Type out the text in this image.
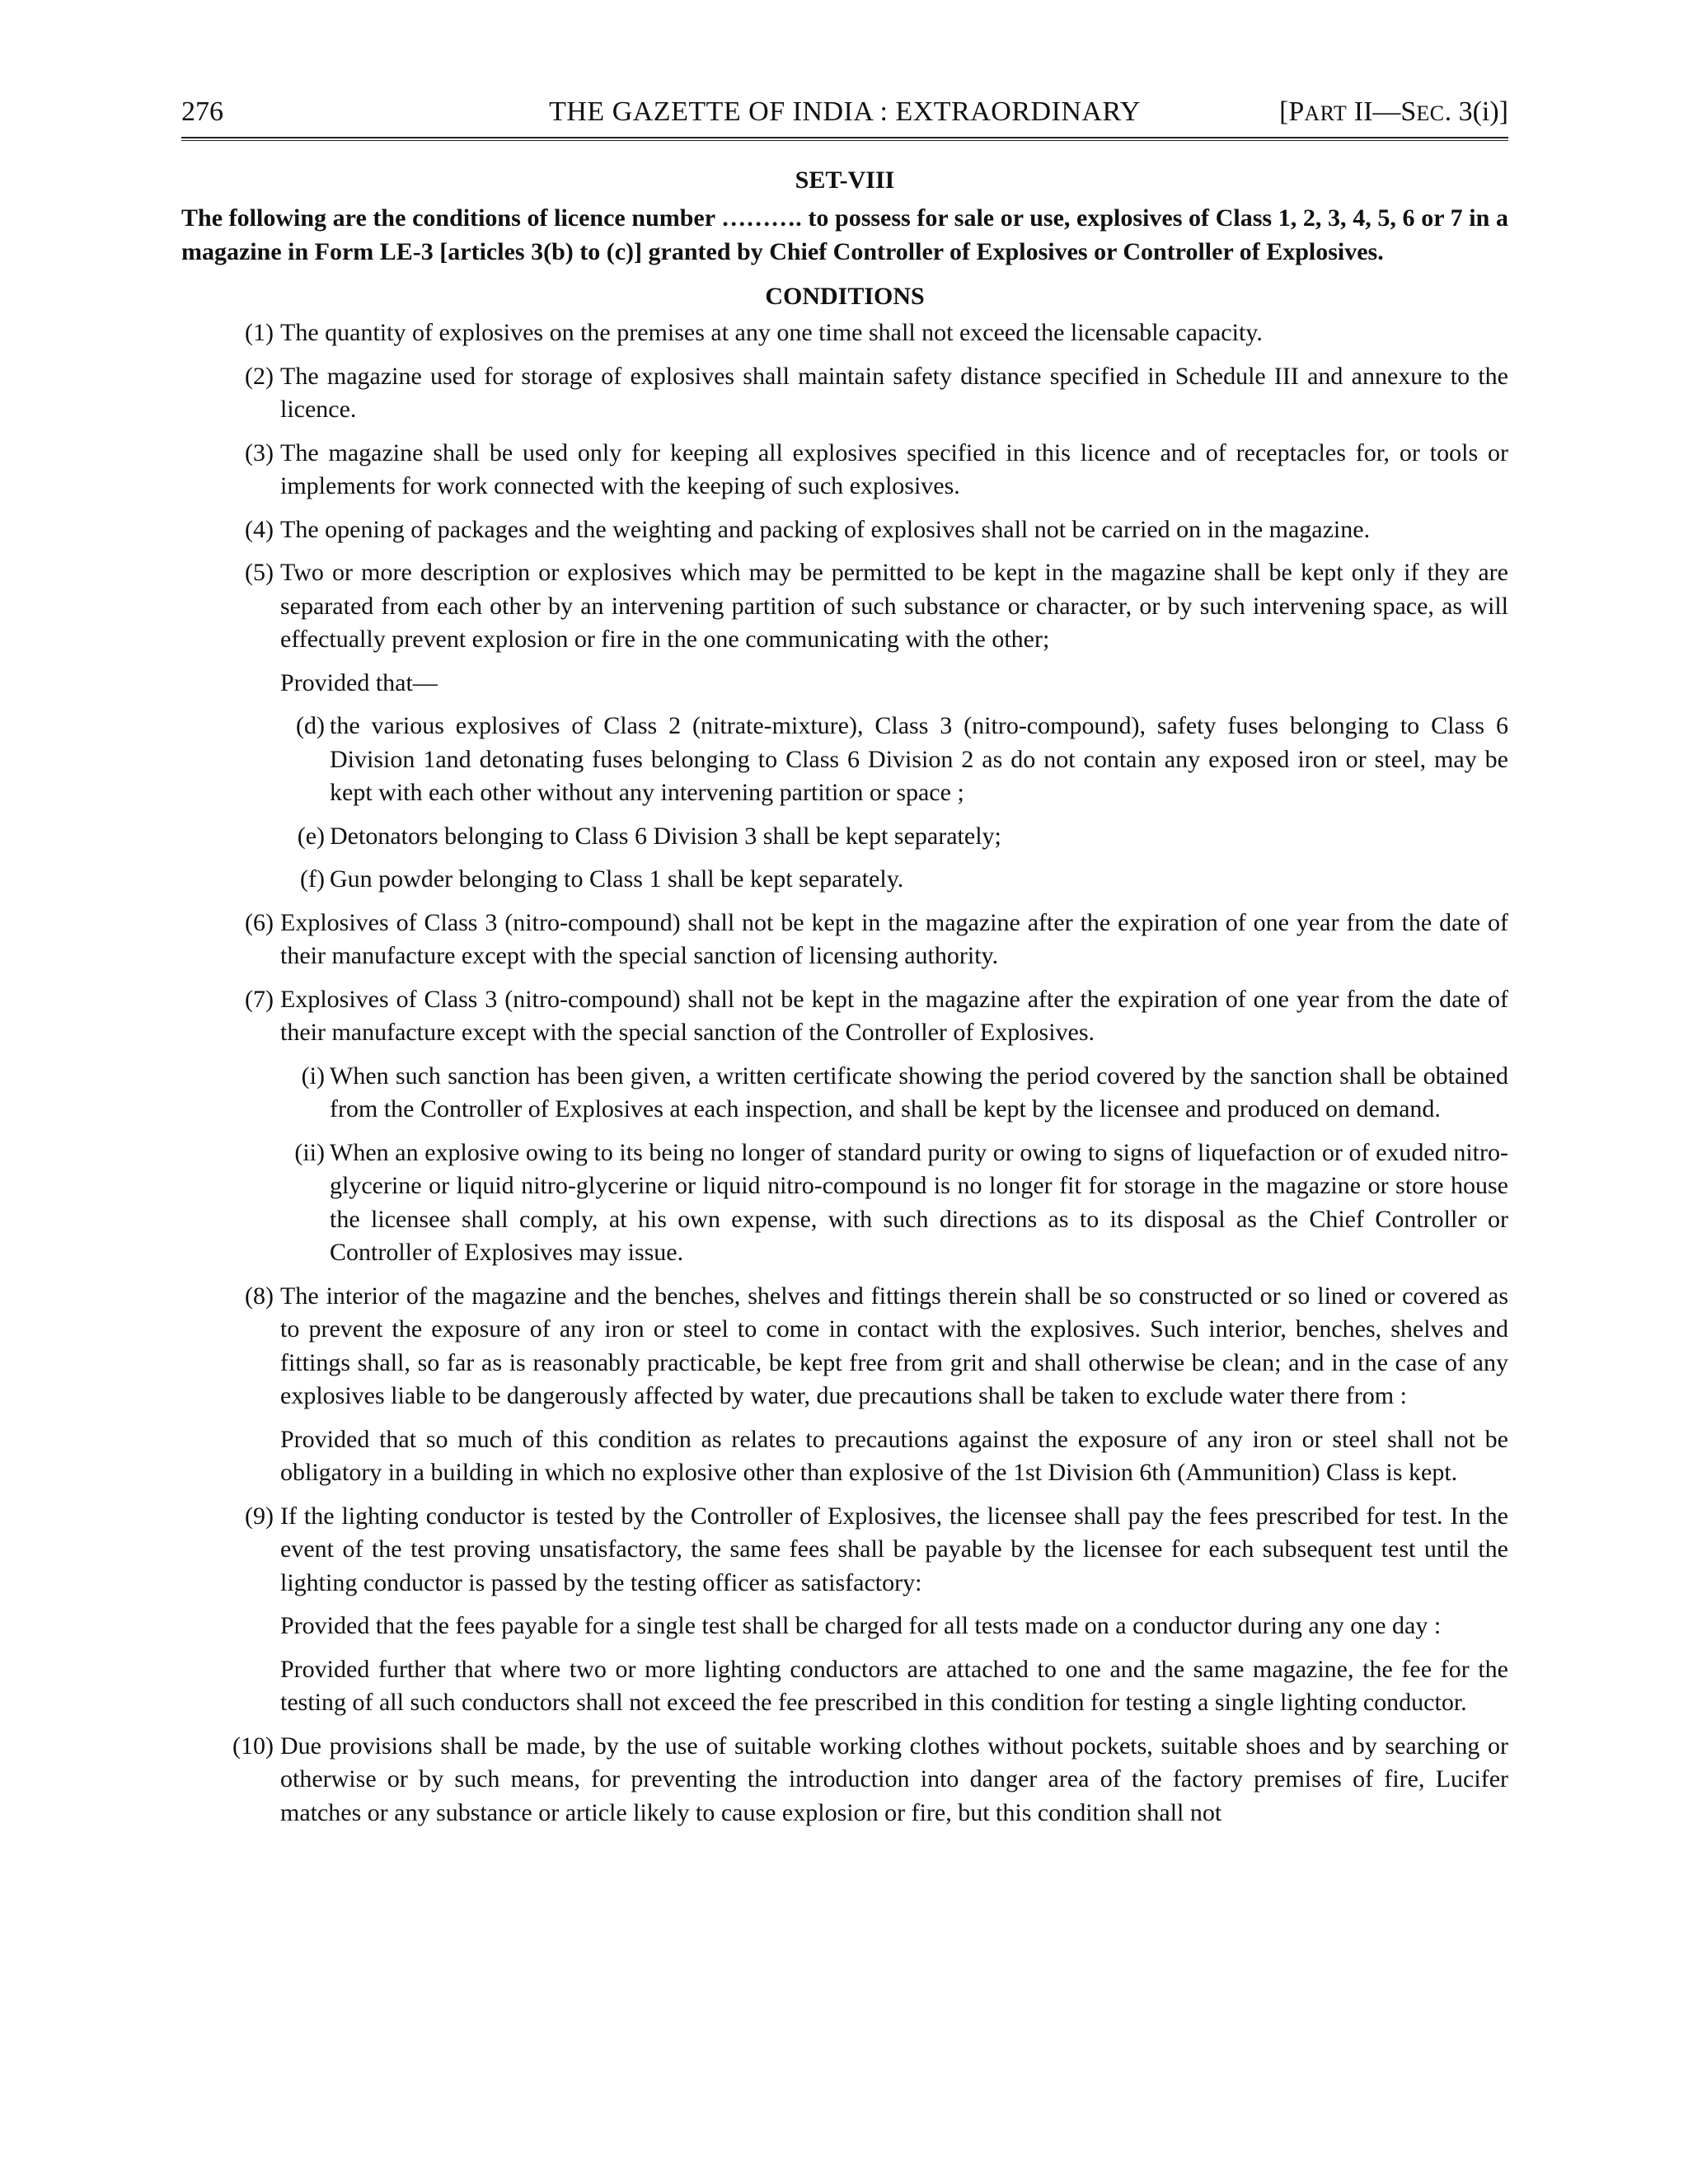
276	THE GAZETTE OF INDIA : EXTRAORDINARY	[PART II—SEC. 3(i)]
SET-VIII
The following are the conditions of licence number ………. to possess for sale or use, explosives of Class 1, 2, 3, 4, 5, 6 or 7 in a magazine in Form LE-3 [articles 3(b) to (c)] granted by Chief Controller of Explosives or Controller of Explosives.
CONDITIONS
(1) The quantity of explosives on the premises at any one time shall not exceed the licensable capacity.
(2) The magazine used for storage of explosives shall maintain safety distance specified in Schedule III and annexure to the licence.
(3) The magazine shall be used only for keeping all explosives specified in this licence and of receptacles for, or tools or implements for work connected with the keeping of such explosives.
(4) The opening of packages and the weighting and packing of explosives shall not be carried on in the magazine.
(5) Two or more description or explosives which may be permitted to be kept in the magazine shall be kept only if they are separated from each other by an intervening partition of such substance or character, or by such intervening space, as will effectually prevent explosion or fire in the one communicating with the other;
Provided that—
(d) the various explosives of Class 2 (nitrate-mixture), Class 3 (nitro-compound), safety fuses belonging to Class 6 Division 1and detonating fuses belonging to Class 6 Division 2 as do not contain any exposed iron or steel, may be kept with each other without any intervening partition or space ;
(e) Detonators belonging to Class 6 Division 3 shall be kept separately;
(f) Gun powder belonging to Class 1 shall be kept separately.
(6) Explosives of Class 3 (nitro-compound) shall not be kept in the magazine after the expiration of one year from the date of their manufacture except with the special sanction of licensing authority.
(7) Explosives of Class 3 (nitro-compound) shall not be kept in the magazine after the expiration of one year from the date of their manufacture except with the special sanction of the Controller of Explosives.
(i) When such sanction has been given, a written certificate showing the period covered by the sanction shall be obtained from the Controller of Explosives at each inspection, and shall be kept by the licensee and produced on demand.
(ii) When an explosive owing to its being no longer of standard purity or owing to signs of liquefaction or of exuded nitro-glycerine or liquid nitro-glycerine or liquid nitro-compound is no longer fit for storage in the magazine or store house the licensee shall comply, at his own expense, with such directions as to its disposal as the Chief Controller or Controller of Explosives may issue.
(8) The interior of the magazine and the benches, shelves and fittings therein shall be so constructed or so lined or covered as to prevent the exposure of any iron or steel to come in contact with the explosives. Such interior, benches, shelves and fittings shall, so far as is reasonably practicable, be kept free from grit and shall otherwise be clean; and in the case of any explosives liable to be dangerously affected by water, due precautions shall be taken to exclude water there from :
Provided that so much of this condition as relates to precautions against the exposure of any iron or steel shall not be obligatory in a building in which no explosive other than explosive of the 1st Division 6th (Ammunition) Class is kept.
(9) If the lighting conductor is tested by the Controller of Explosives, the licensee shall pay the fees prescribed for test. In the event of the test proving unsatisfactory, the same fees shall be payable by the licensee for each subsequent test until the lighting conductor is passed by the testing officer as satisfactory:
Provided that the fees payable for a single test shall be charged for all tests made on a conductor during any one day :
Provided further that where two or more lighting conductors are attached to one and the same magazine, the fee for the testing of all such conductors shall not exceed the fee prescribed in this condition for testing a single lighting conductor.
(10) Due provisions shall be made, by the use of suitable working clothes without pockets, suitable shoes and by searching or otherwise or by such means, for preventing the introduction into danger area of the factory premises of fire, Lucifer matches or any substance or article likely to cause explosion or fire, but this condition shall not
